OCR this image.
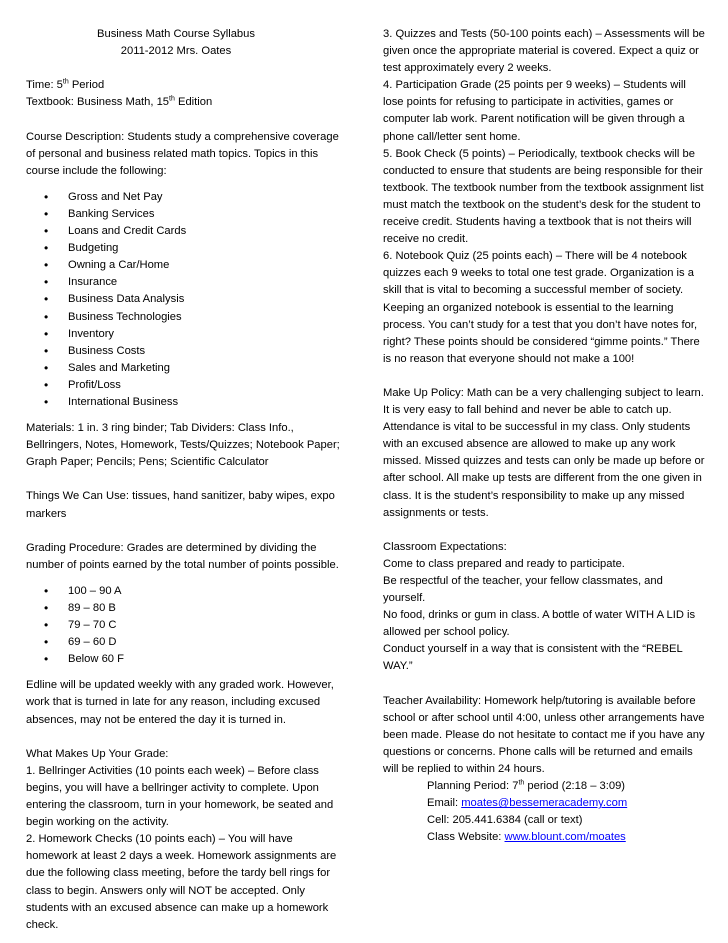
Business Math Course Syllabus
2011-2012 Mrs. Oates

Time: 5th Period

Textbook: Business Math, 15th Edition

Course Description: Students study a comprehensive coverage of personal and business related math topics. Topics in this course include the following:

• Gross and Net Pay
• Banking Services
• Loans and Credit Cards
• Budgeting
• Owning a Car/Home
• Insurance
• Business Data Analysis
• Business Technologies
• Inventory
• Business Costs
• Sales and Marketing
• Profit/Loss
• International Business

Materials: 1 in. 3 ring binder; Tab Dividers: Class Info., Bellringers, Notes, Homework, Tests/Quizzes; Notebook Paper; Graph Paper; Pencils; Pens; Scientific Calculator

Things We Can Use: tissues, hand sanitizer, baby wipes, expo markers

Grading Procedure: Grades are determined by dividing the number of points earned by the total number of points possible.

• 100 – 90 A
• 89 – 80 B
• 79 – 70 C
• 69 – 60 D
• Below 60 F

Edline will be updated weekly with any graded work. However, work that is turned in late for any reason, including excused absences, may not be entered the day it is turned in.

What Makes Up Your Grade:

1. Bellringer Activities (10 points each week) – Before class begins, you will have a bellringer activity to complete. Upon entering the classroom, turn in your homework, be seated and begin working on the activity.

2. Homework Checks (10 points each) – You will have homework at least 2 days a week. Homework assignments are due the following class meeting, before the tardy bell rings for class to begin. Answers only will NOT be accepted. Only students with an excused absence can make up a homework check.

3. Quizzes and Tests (50-100 points each) – Assessments will be given once the appropriate material is covered. Expect a quiz or test approximately every 2 weeks.

4. Participation Grade (25 points per 9 weeks) – Students will lose points for refusing to participate in activities, games or computer lab work. Parent notification will be given through a phone call/letter sent home.

5. Book Check (5 points) – Periodically, textbook checks will be conducted to ensure that students are being responsible for their textbook. The textbook number from the textbook assignment list must match the textbook on the student’s desk for the student to receive credit. Students having a textbook that is not theirs will receive no credit.

6. Notebook Quiz (25 points each) – There will be 4 notebook quizzes each 9 weeks to total one test grade. Organization is a skill that is vital to becoming a successful member of society. Keeping an organized notebook is essential to the learning process. You can’t study for a test that you don’t have notes for, right? These points should be considered “gimme points.” There is no reason that everyone should not make a 100!

Make Up Policy: Math can be a very challenging subject to learn. It is very easy to fall behind and never be able to catch up. Attendance is vital to be successful in my class. Only students with an excused absence are allowed to make up any work missed. Missed quizzes and tests can only be made up before or after school. All make up tests are different from the one given in class. It is the student’s responsibility to make up any missed assignments or tests.

Classroom Expectations:

Come to class prepared and ready to participate.

Be respectful of the teacher, your fellow classmates, and yourself.

No food, drinks or gum in class. A bottle of water WITH A LID is allowed per school policy.

Conduct yourself in a way that is consistent with the “REBEL WAY.”

Teacher Availability: Homework help/tutoring is available before school or after school until 4:00, unless other arrangements have been made. Please do not hesitate to contact me if you have any questions or concerns. Phone calls will be returned and emails will be replied to within 24 hours.

Planning Period: 7th period (2:18 – 3:09)

Email: moates@bessemeracademy.com

Cell: 205.441.6384 (call or text)

Class Website: www.blount.com/moates
